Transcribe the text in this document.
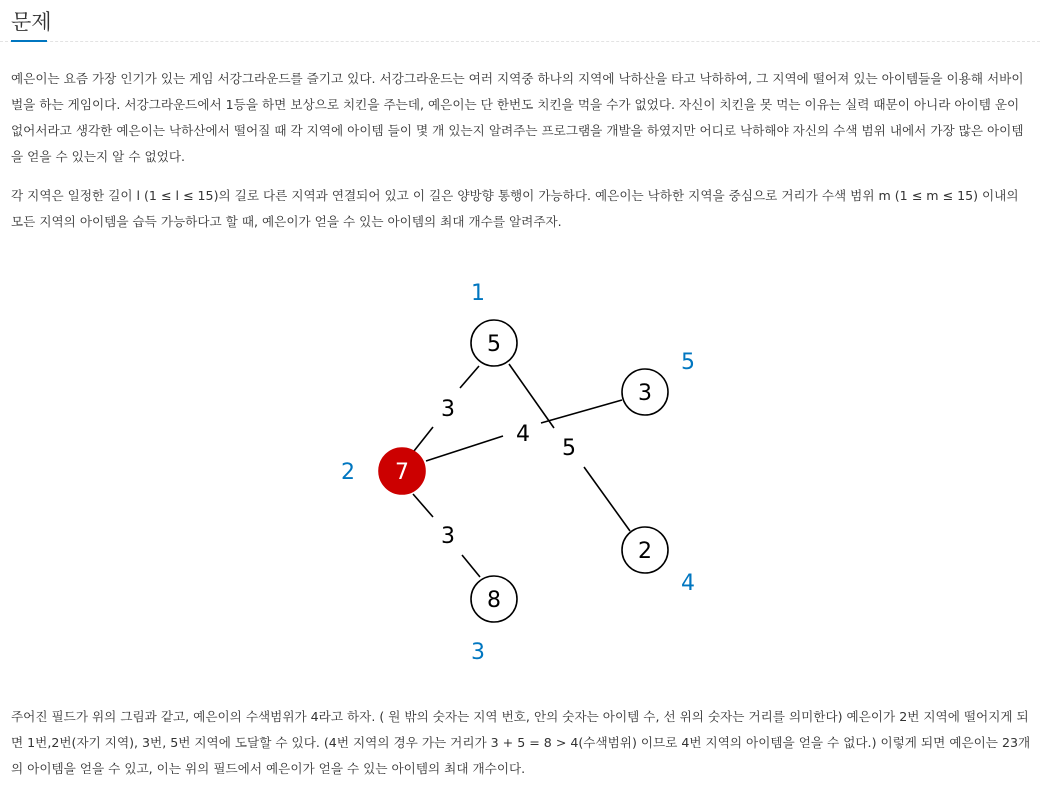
문제

예은이는 요즘 가장 인기가 있는 게임 서강그라운드를 즐기고 있다. 서강그라운드는 여러 지역중 하나의 지역에 낙하산을 타고 낙하하여, 그 지역에 떨어져 있는 아이템들을 이용해 서바이벌을 하는 게임이다. 서강그라운드에서 1등을 하면 보상으로 치킨을 주는데, 예은이는 단 한번도 치킨을 먹을 수가 없었다. 자신이 치킨을 못 먹는 이유는 실력 때문이 아니라 아이템 운이 없어서라고 생각한 예은이는 낙하산에서 떨어질 때 각 지역에 아이템 들이 몇 개 있는지 알려주는 프로그램을 개발을 하였지만 어디로 낙하해야 자신의 수색 범위 내에서 가장 많은 아이템을 얻을 수 있는지 알 수 없었다.

각 지역은 일정한 길이 l (1 ≤ l ≤ 15)의 길로 다른 지역과 연결되어 있고 이 길은 양방향 통행이 가능하다. 예은이는 낙하한 지역을 중심으로 거리가 수색 범위 m (1 ≤ m ≤ 15) 이내의 모든 지역의 아이템을 습득 가능하다고 할 때, 예은이가 얻을 수 있는 아이템의 최대 개수를 알려주자.

3
3
4
5
5
1
7
2
8
3
2
4
3
5

주어진 필드가 위의 그림과 같고, 예은이의 수색범위가 4라고 하자. ( 원 밖의 숫자는 지역 번호, 안의 숫자는 아이템 수, 선 위의 숫자는 거리를 의미한다) 예은이가 2번 지역에 떨어지게 되면 1번,2번(자기 지역), 3번, 5번 지역에 도달할 수 있다. (4번 지역의 경우 가는 거리가 3 + 5 = 8 > 4(수색범위) 이므로 4번 지역의 아이템을 얻을 수 없다.) 이렇게 되면 예은이는 23개의 아이템을 얻을 수 있고, 이는 위의 필드에서 예은이가 얻을 수 있는 아이템의 최대 개수이다.
